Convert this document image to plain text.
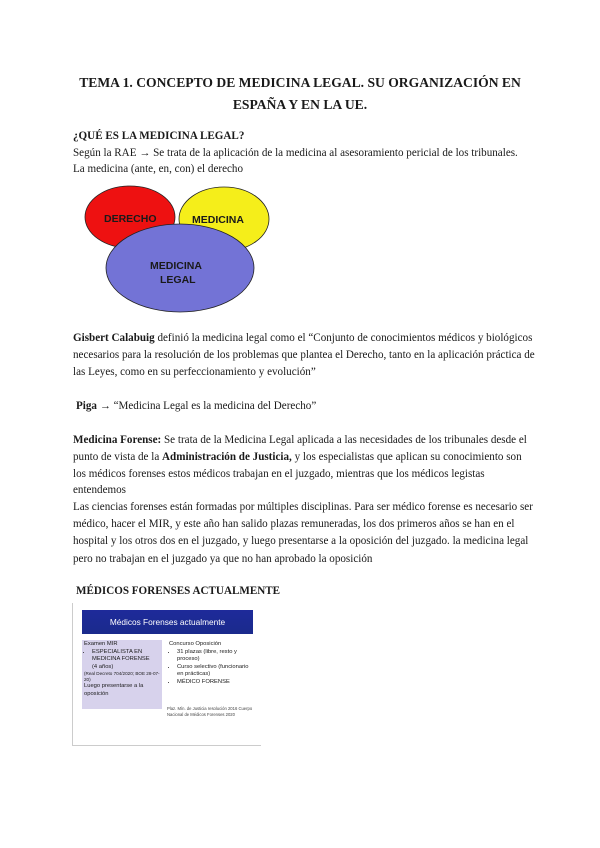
TEMA 1. CONCEPTO DE MEDICINA LEGAL. SU ORGANIZACIÓN EN
ESPAÑA Y EN LA UE.
¿QUÉ ES LA MEDICINA LEGAL?
Según la RAE → Se trata de la aplicación de la medicina al asesoramiento pericial de los tribunales.
La medicina (ante, en, con) el derecho
DERECHO	MEDICINA
MEDICINA
LEGAL
Gisbert Calabuig definió la medicina legal como el “Conjunto de conocimientos médicos y biológicos necesarios para la resolución de los problemas que plantea el Derecho, tanto en la aplicación práctica de las Leyes, como en su perfeccionamiento y evolución”
Piga → “Medicina Legal es la medicina del Derecho”
Medicina Forense: Se trata de la Medicina Legal aplicada a las necesidades de los tribunales desde el punto de vista de la Administración de Justicia, y los especialistas que aplican su conocimiento son los médicos forenses estos médicos trabajan en el juzgado, mientras que los médicos legistas entendemos
Las ciencias forenses están formadas por múltiples disciplinas. Para ser médico forense es necesario ser médico, hacer el MIR, y este año han salido plazas remuneradas, los dos primeros años se han en el hospital y los otros dos en el juzgado, y luego presentarse a la oposición del juzgado. la medicina legal pero no trabajan en el juzgado ya que no han aprobado la oposición
MÉDICOS FORENSES ACTUALMENTE
Médicos Forenses actualmente
Examen MIR
• ESPECIALISTA EN MEDICINA FORENSE
(4 años)
(Real Decreto 704/2020; BOE 28-07-20)
Luego presentarse a la oposición
Concurso Oposición
• 31 plazas (libre, resto y proceso)
• Curso selectivo (funcionario en prácticas)
• MÉDICO FORENSE
Plaz. Mín. de Justicia resolución 2016 Cuerpo Nacional de Médicos Forenses 2020
